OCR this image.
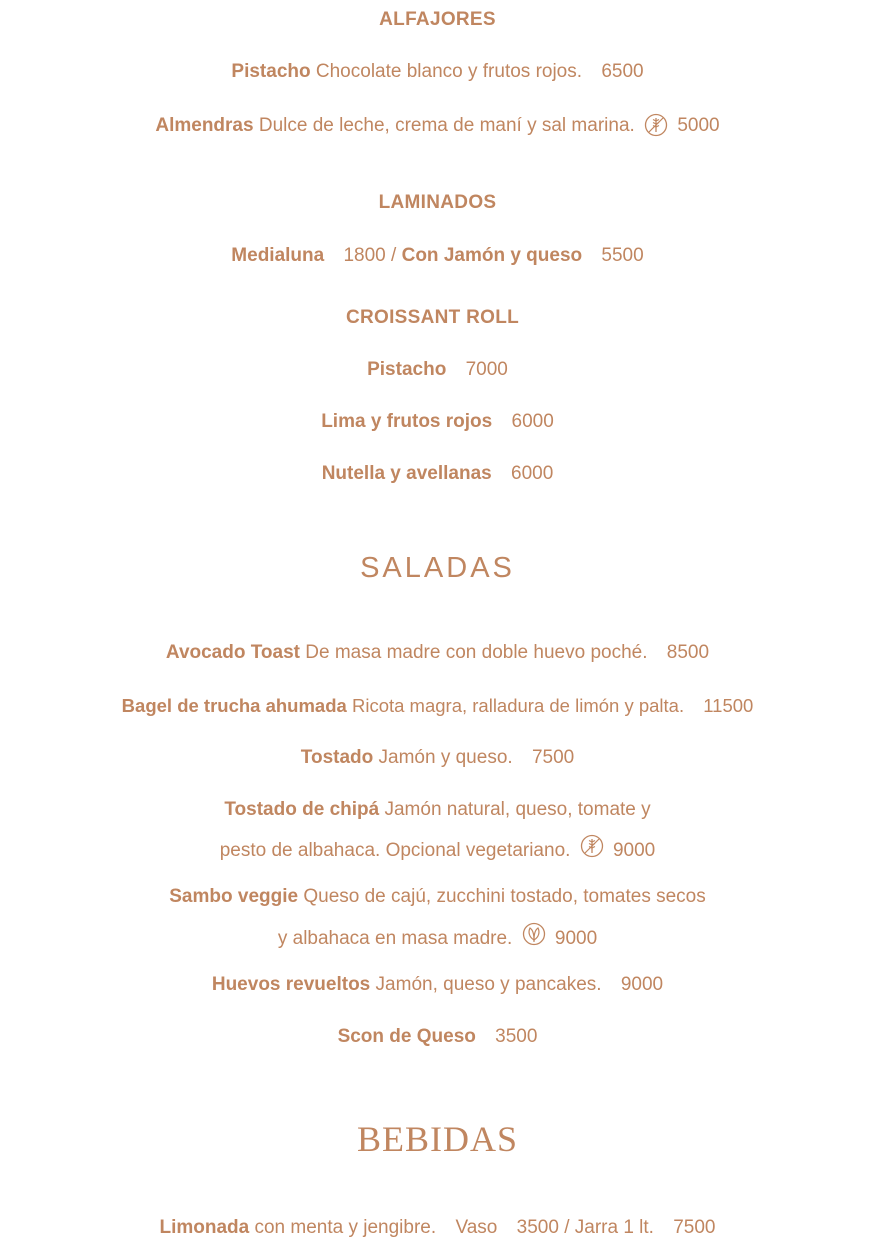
ALFAJORES
Pistacho Chocolate blanco y frutos rojos. 6500
Almendras Dulce de leche, crema de maní y sal marina. 5000
LAMINADOS
Medialuna 1800 / Con Jamón y queso 5500
CROISSANT ROLL
Pistacho 7000
Lima y frutos rojos 6000
Nutella y avellanas 6000
SALADAS
Avocado Toast De masa madre con doble huevo poché. 8500
Bagel de trucha ahumada Ricota magra, ralladura de limón y palta. 11500
Tostado Jamón y queso. 7500
Tostado de chipá Jamón natural, queso, tomate y
pesto de albahaca. Opcional vegetariano. 9000
Sambo veggie Queso de cajú, zucchini tostado, tomates secos
y albahaca en masa madre. 9000
Huevos revueltos Jamón, queso y pancakes. 9000
Scon de Queso 3500
BEBIDAS
Limonada con menta y jengibre. Vaso 3500 / Jarra 1 lt. 7500
